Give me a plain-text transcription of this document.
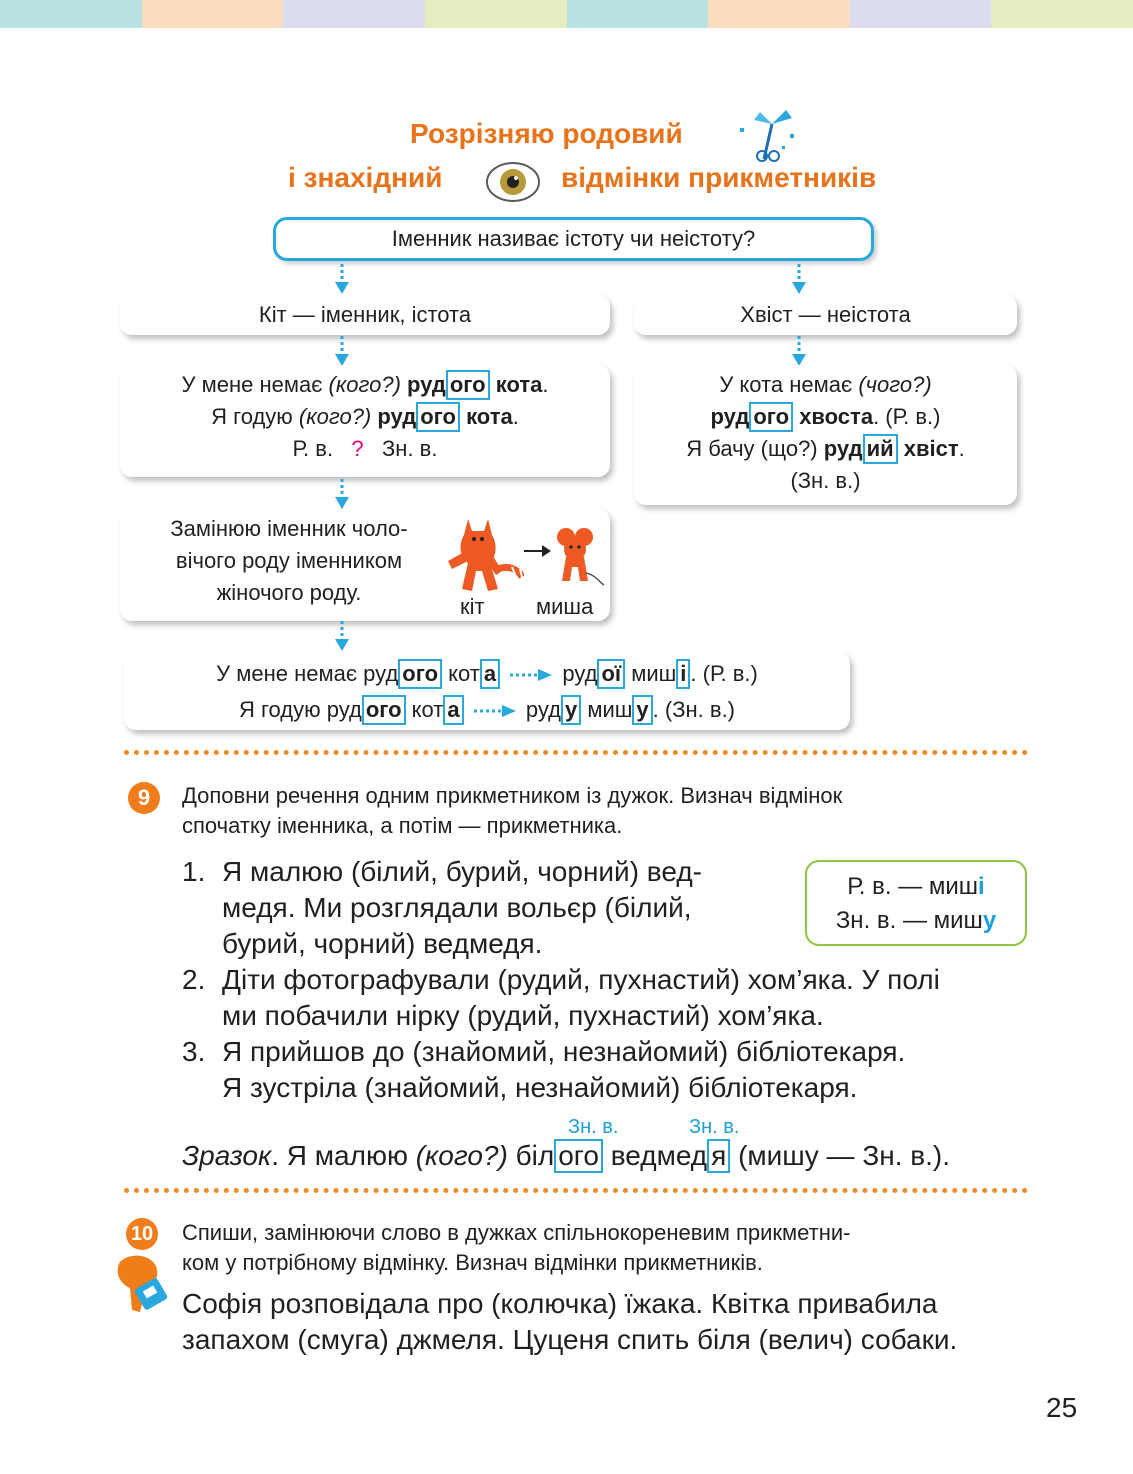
Розрізняю родовий
і знахідний	відмінки прикметників
Іменник називає істоту чи неістоту?
Кіт — іменник, істота	Хвіст — неістота
У мене немає (кого?) руд ого кота.
Я годую (кого?) руд ого кота.
Р. в. ? Зн. в.
У кота немає (чого?)
руд ого хвоста. (Р. в.)
Я бачу (що?) руд ий хвіст.
(Зн. в.)
Замінюю іменник чоло-
вічого роду іменником
жіночого роду.
кіт миша
У мене немає руд ого кот а	руд ої миш і . (Р. в.)
Я годую руд ого кот а	руд у миш у . (Зн. в.)
9	Доповни речення одним прикметником із дужок. Визнач відмінок
спочатку іменника, а потім — прикметника.
1. Я малюю (білий, бурий, чорний) вед-
медя. Ми розглядали вольєр (білий,
бурий, чорний) ведмедя.
Р. в. — миші
Зн. в. — мишу
2. Діти фотографували (рудий, пухнастий) хом’яка. У полі
ми побачили нірку (рудий, пухнастий) хом’яка.
3. Я прийшов до (знайомий, незнайомий) бібліотекаря.
Я зустріла (знайомий, незнайомий) бібліотекаря.
Зн. в.	Зн. в.
Зразок. Я малюю (кого?) біл ого ведмед я (мишу — Зн. в.).
10 Спиши, замінюючи слово в дужках спільнокореневим прикметни-
ком у потрібному відмінку. Визнач відмінки прикметників.
Софія розповідала про (колючка) їжака. Квітка привабила
запахом (смуга) джмеля. Цуценя спить біля (велич) собаки.
25
